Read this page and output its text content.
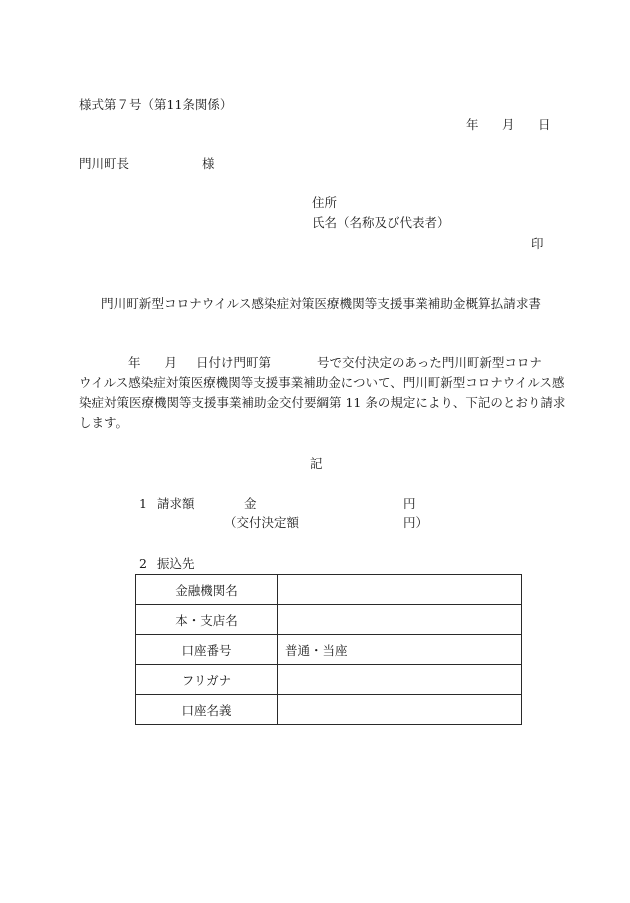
様式第７号（第11条関係）
年 月 日
門川町長	様
住所
氏名（名称及び代表者）
印
門川町新型コロナウイルス感染症対策医療機関等支援事業補助金概算払請求書
年 月 日付け門町第	号で交付決定のあった門川町新型コロナ
ウイルス感染症対策医療機関等支援事業補助金について、門川町新型コロナウイルス感
染症対策医療機関等支援事業補助金交付要綱第 11 条の規定により、下記のとおり請求
します。
記
1 請求額	金	円
（交付決定額	円）
2 振込先
金融機関名	
本・支店名	
口座番号	普通・当座
フリガナ	
口座名義	
